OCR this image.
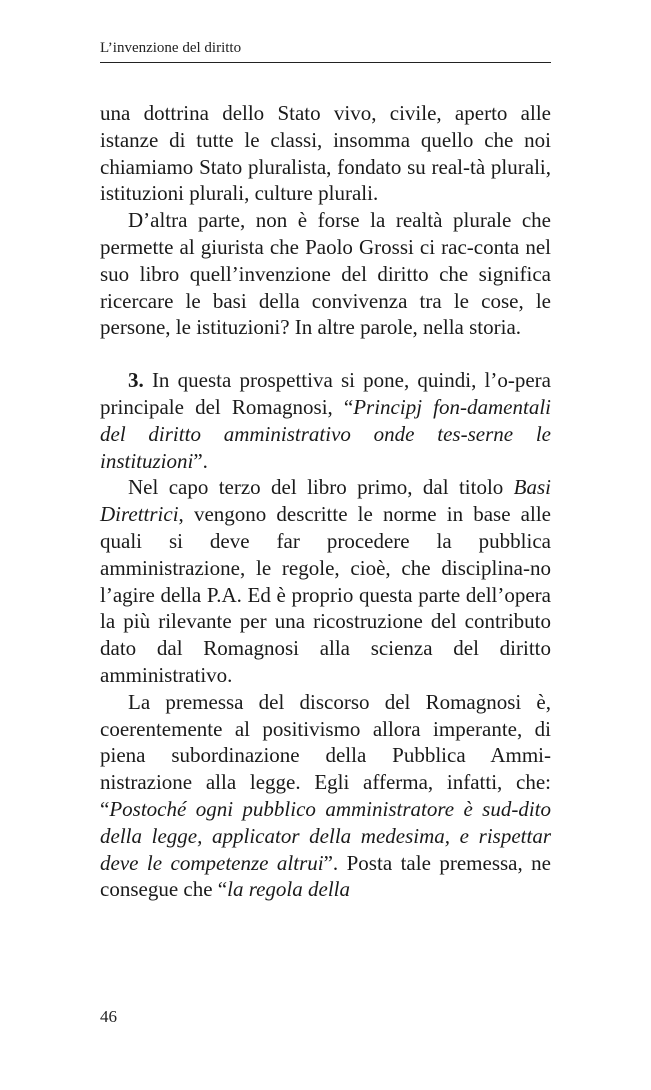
L’invenzione del diritto

una dottrina dello Stato vivo, civile, aperto alle istanze di tutte le classi, insomma quello che noi chiamiamo Stato pluralista, fondato su real-tà plurali, istituzioni plurali, culture plurali.

D’altra parte, non è forse la realtà plurale che permette al giurista che Paolo Grossi ci rac-conta nel suo libro quell’invenzione del diritto che significa ricercare le basi della convivenza tra le cose, le persone, le istituzioni? In altre parole, nella storia.

3. In questa prospettiva si pone, quindi, l’o-pera principale del Romagnosi, “Principj fon-damentali del diritto amministrativo onde tes-serne le instituzioni”.

Nel capo terzo del libro primo, dal titolo Basi Direttrici, vengono descritte le norme in base alle quali si deve far procedere la pubblica amministrazione, le regole, cioè, che disciplina-no l’agire della P.A. Ed è proprio questa parte dell’opera la più rilevante per una ricostruzione del contributo dato dal Romagnosi alla scienza del diritto amministrativo.

La premessa del discorso del Romagnosi è, coerentemente al positivismo allora imperante, di piena subordinazione della Pubblica Ammi-nistrazione alla legge. Egli afferma, infatti, che: “Postoché ogni pubblico amministratore è sud-dito della legge, applicator della medesima, e rispettar deve le competenze altrui”. Posta tale premessa, ne consegue che “la regola della

46
